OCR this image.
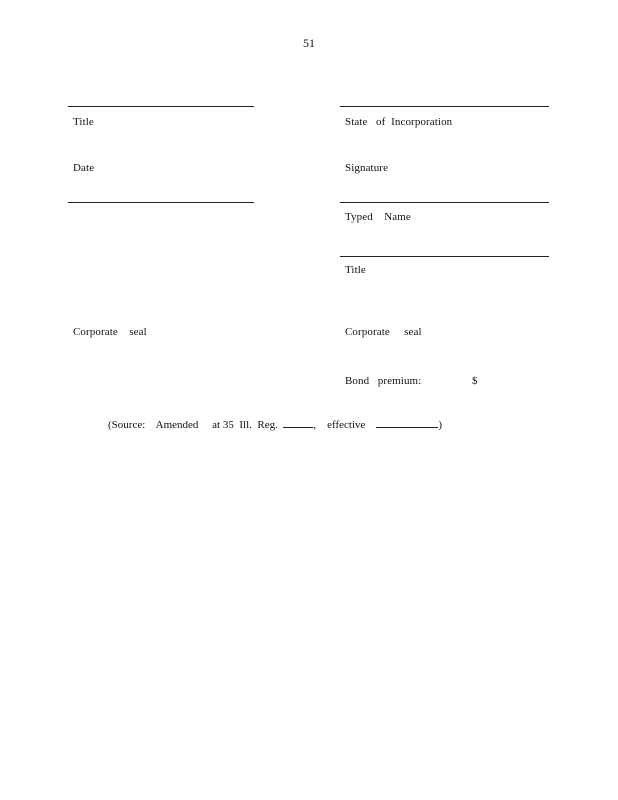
51
Title
Date
Corporate    seal
State   of  Incorporation
Signature
Typed    Name
Title
Corporate     seal
Bond   premium:	$
(Source:    Amended     at 35  Ill.  Reg.	,    effective	)
